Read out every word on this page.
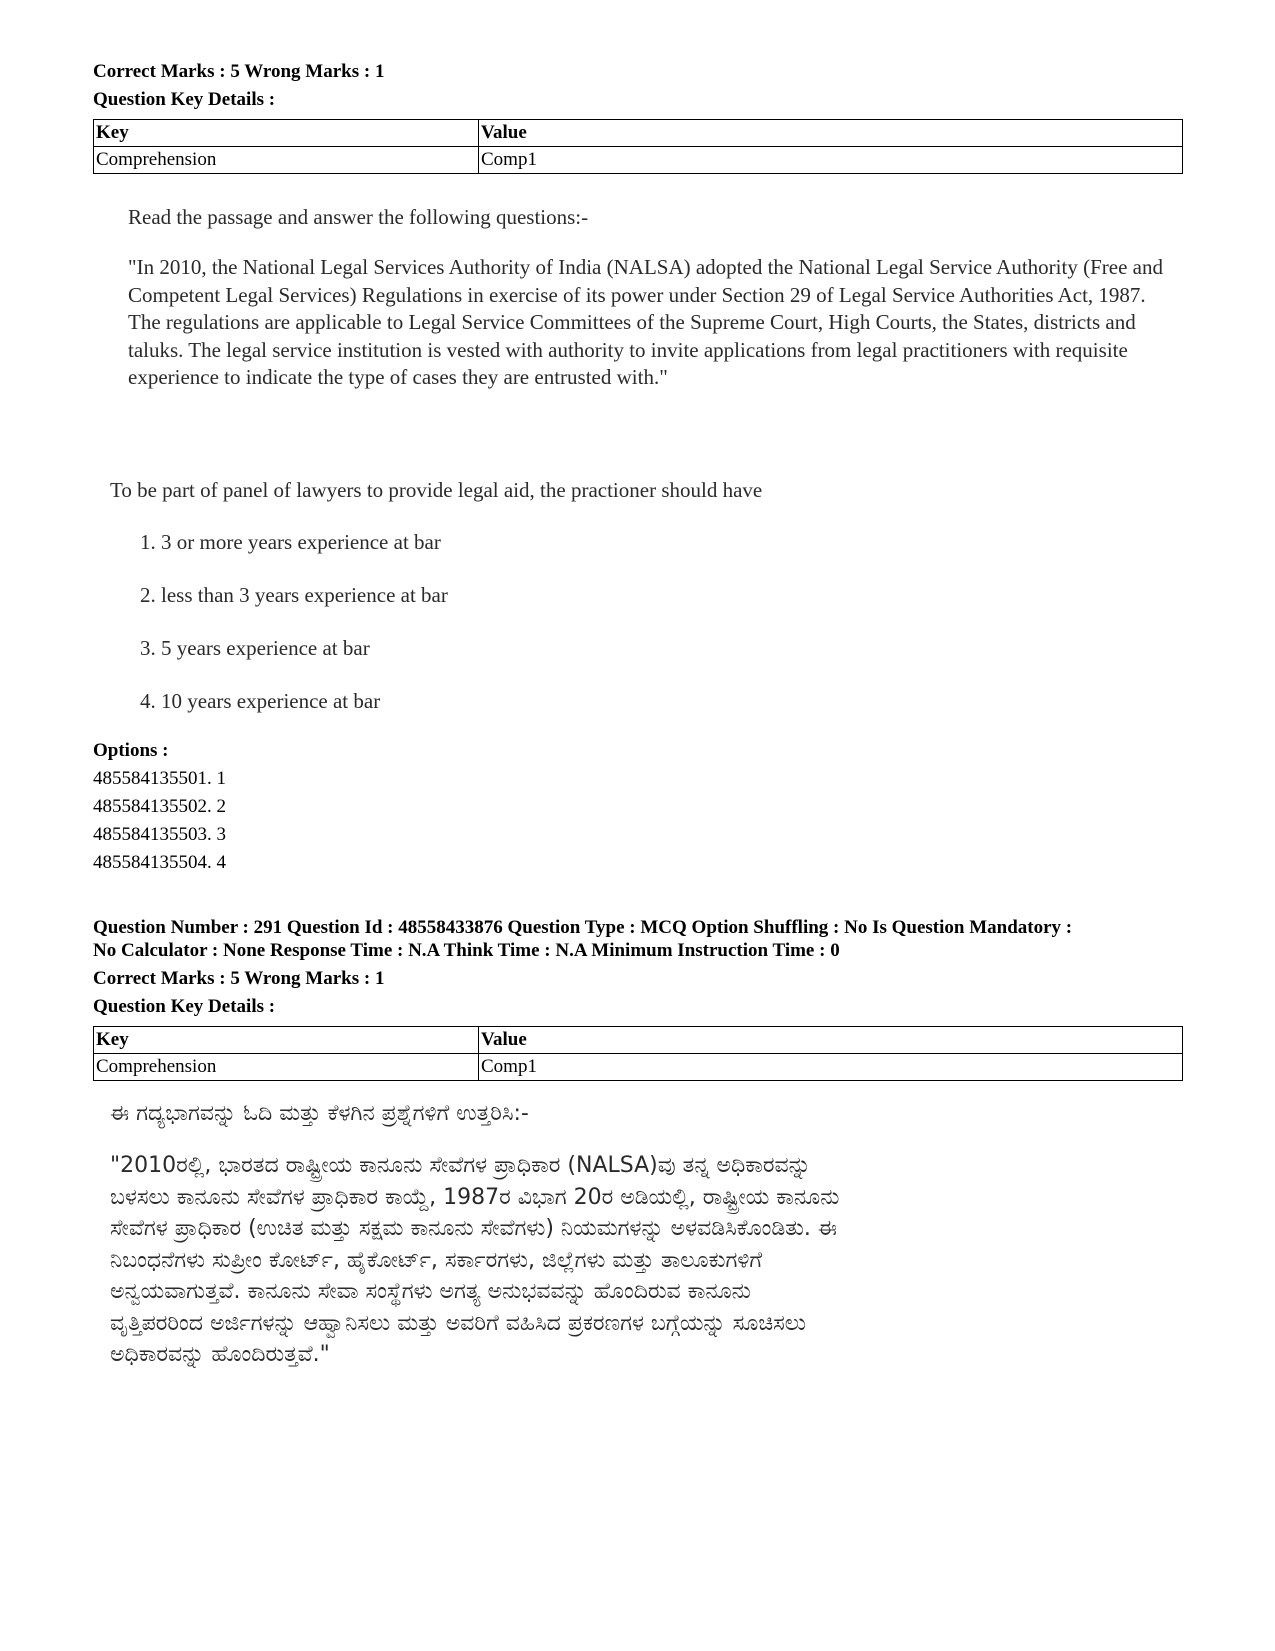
Correct Marks : 5 Wrong Marks : 1
Question Key Details :
Key	Value
Comprehension	Comp1
Read the passage and answer the following questions:-
"In 2010, the National Legal Services Authority of India (NALSA) adopted the National Legal Service Authority (Free and Competent Legal Services) Regulations in exercise of its power under Section 29 of Legal Service Authorities Act, 1987. The regulations are applicable to Legal Service Committees of the Supreme Court, High Courts, the States, districts and taluks. The legal service institution is vested with authority to invite applications from legal practitioners with requisite experience to indicate the type of cases they are entrusted with."
To be part of panel of lawyers to provide legal aid, the practioner should have
1. 3 or more years experience at bar
2. less than 3 years experience at bar
3. 5 years experience at bar
4. 10 years experience at bar
Options :
485584135501. 1
485584135502. 2
485584135503. 3
485584135504. 4
Question Number : 291 Question Id : 48558433876 Question Type : MCQ Option Shuffling : No Is Question Mandatory :
No Calculator : None Response Time : N.A Think Time : N.A Minimum Instruction Time : 0
Correct Marks : 5 Wrong Marks : 1
Question Key Details :
Key	Value
Comprehension	Comp1
ಈ ಗದ್ಯಭಾಗವನ್ನು ಓದಿ ಮತ್ತು ಕೆಳಗಿನ ಪ್ರಶ್ನೆಗಳಿಗೆ ಉತ್ತರಿಸಿ:-
"2010ರಲ್ಲಿ, ಭಾರತದ ರಾಷ್ಟ್ರೀಯ ಕಾನೂನು ಸೇವೆಗಳ ಪ್ರಾಧಿಕಾರ (NALSA)ವು ತನ್ನ ಅಧಿಕಾರವನ್ನು
ಬಳಸಲು ಕಾನೂನು ಸೇವೆಗಳ ಪ್ರಾಧಿಕಾರ ಕಾಯ್ದೆ, 1987ರ ವಿಭಾಗ 20ರ ಅಡಿಯಲ್ಲಿ, ರಾಷ್ಟ್ರೀಯ ಕಾನೂನು
ಸೇವೆಗಳ ಪ್ರಾಧಿಕಾರ (ಉಚಿತ ಮತ್ತು ಸಕ್ಷಮ ಕಾನೂನು ಸೇವೆಗಳು) ನಿಯಮಗಳನ್ನು ಅಳವಡಿಸಿಕೊಂಡಿತು. ಈ
ನಿಬಂಧನೆಗಳು ಸುಪ್ರೀಂ ಕೋರ್ಟ್, ಹೈಕೋರ್ಟ್, ಸರ್ಕಾರಗಳು, ಜಿಲ್ಲೆಗಳು ಮತ್ತು ತಾಲೂಕುಗಳಿಗೆ
ಅನ್ವಯವಾಗುತ್ತವೆ. ಕಾನೂನು ಸೇವಾ ಸಂಸ್ಥೆಗಳು ಅಗತ್ಯ ಅನುಭವವನ್ನು ಹೊಂದಿರುವ ಕಾನೂನು
ವೃತ್ತಿಪರರಿಂದ ಅರ್ಜಿಗಳನ್ನು ಆಹ್ವಾನಿಸಲು ಮತ್ತು ಅವರಿಗೆ ವಹಿಸಿದ ಪ್ರಕರಣಗಳ ಬಗ್ಗೆಯನ್ನು ಸೂಚಿಸಲು
ಅಧಿಕಾರವನ್ನು ಹೊಂದಿರುತ್ತವೆ."
